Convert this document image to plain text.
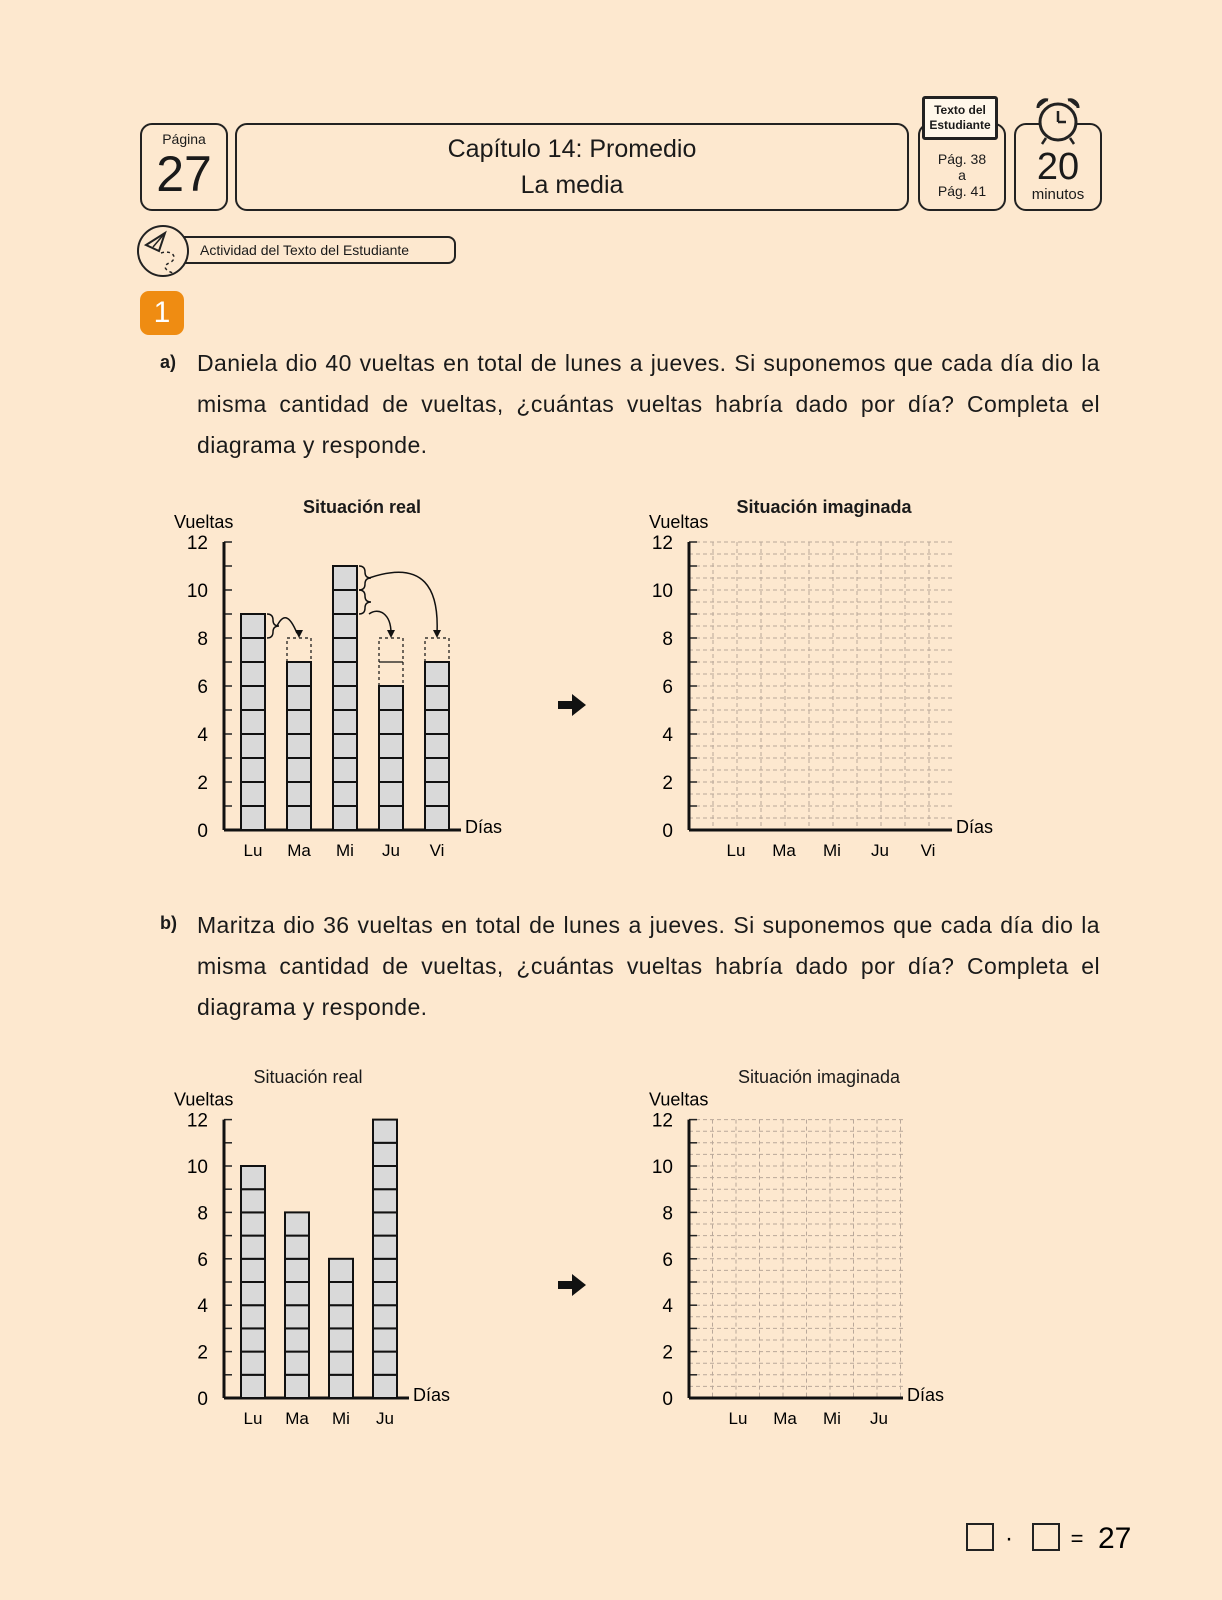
Página
27	Capítulo 14: Promedio
La media
Pág. 38
a
Pág. 41
Texto del
Estudiante
20
minutos
Actividad del Texto del Estudiante
1
a) Daniela dio 40 vueltas en total de lunes a jueves. Si suponemos que cada día dio la misma cantidad de vueltas, ¿cuántas vueltas habría dado por día? Completa el diagrama y responde.
Situación real
Vueltas
0
2
4
6
8
10
12
Días
Lu Ma Mi Ju Vi
Situación imaginada
Vueltas
0
2
4
6
8
10
12
Días
Lu Ma Mi Ju Vi
b) Maritza dio 36 vueltas en total de lunes a jueves. Si suponemos que cada día dio la misma cantidad de vueltas, ¿cuántas vueltas habría dado por día? Completa el diagrama y responde.
Situación real
Vueltas
0
2
4
6
8
10
12
Días
Lu Ma Mi Ju
Situación imaginada
Vueltas
0
2
4
6
8
10
12
Días
Lu Ma Mi Ju
·	= 27
